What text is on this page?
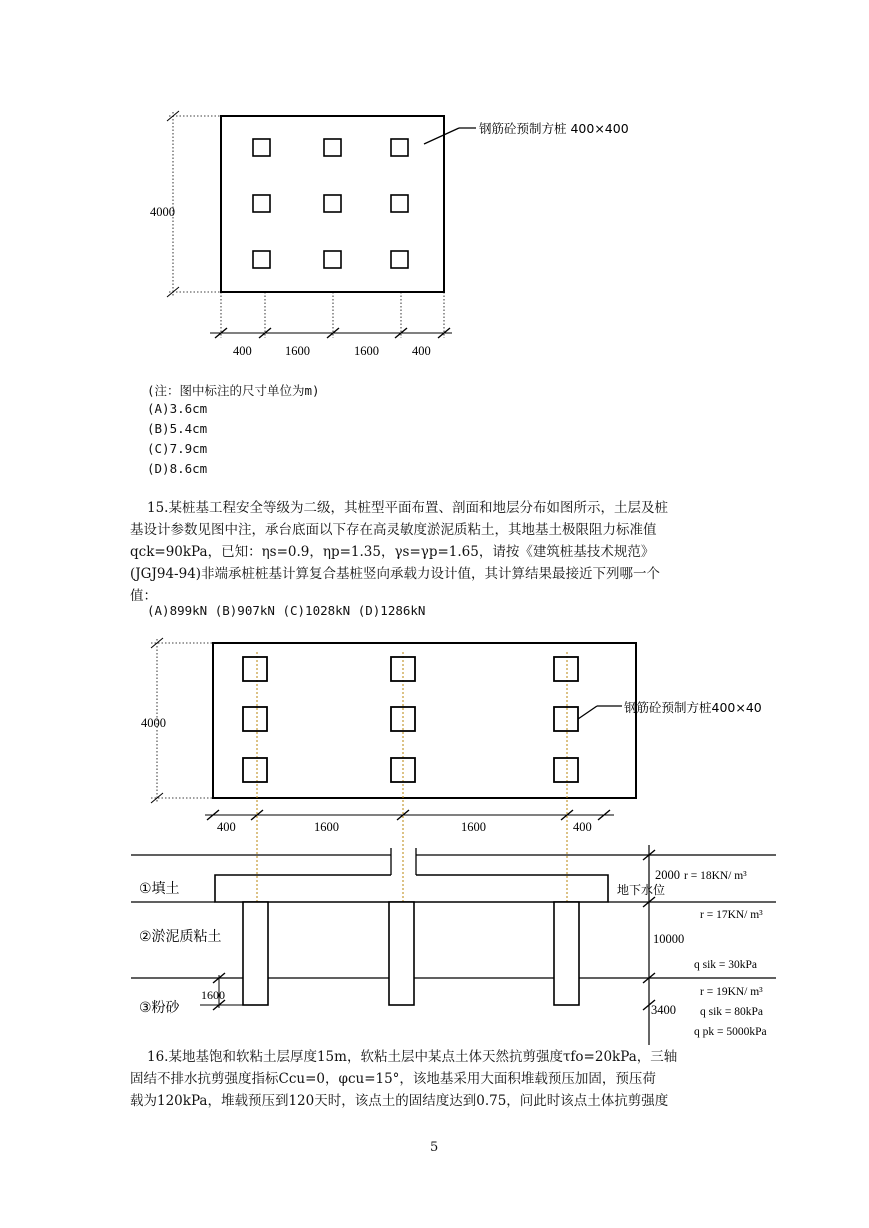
4000
钢筋砼预制方桩 400×400
400	1600	1600	400
(注：图中标注的尺寸单位为m)
(A)3.6cm
(B)5.4cm
(C)7.9cm
(D)8.6cm
15.某桩基工程安全等级为二级，其桩型平面布置、剖面和地层分布如图所示，土层及桩
基设计参数见图中注，承台底面以下存在高灵敏度淤泥质粘土，其地基土极限阻力标准值
qck=90kPa，已知：ηs=0.9，ηp=1.35，γs=γp=1.65，请按《建筑桩基技术规范》
(JGJ94-94)非端承桩桩基计算复合基桩竖向承载力设计值，其计算结果最接近下列哪一个
值：
(A)899kN (B)907kN (C)1028kN (D)1286kN
钢筋砼预制方桩400×40
4000
400	1600	1600	400
①填土
②淤泥质粘土
③粉砂
1600
2000
地下水位
10000
3400
r = 18KN/ m³
r = 17KN/ m³
q sik = 30kPa
r = 19KN/ m³
q sik = 80kPa
q pk = 5000kPa
16.某地基饱和软粘土层厚度15m，软粘土层中某点土体天然抗剪强度τfo=20kPa，三轴
固结不排水抗剪强度指标Ccu=0，φcu=15°，该地基采用大面积堆载预压加固，预压荷
载为120kPa，堆载预压到120天时，该点土的固结度达到0.75，问此时该点土体抗剪强度
5
